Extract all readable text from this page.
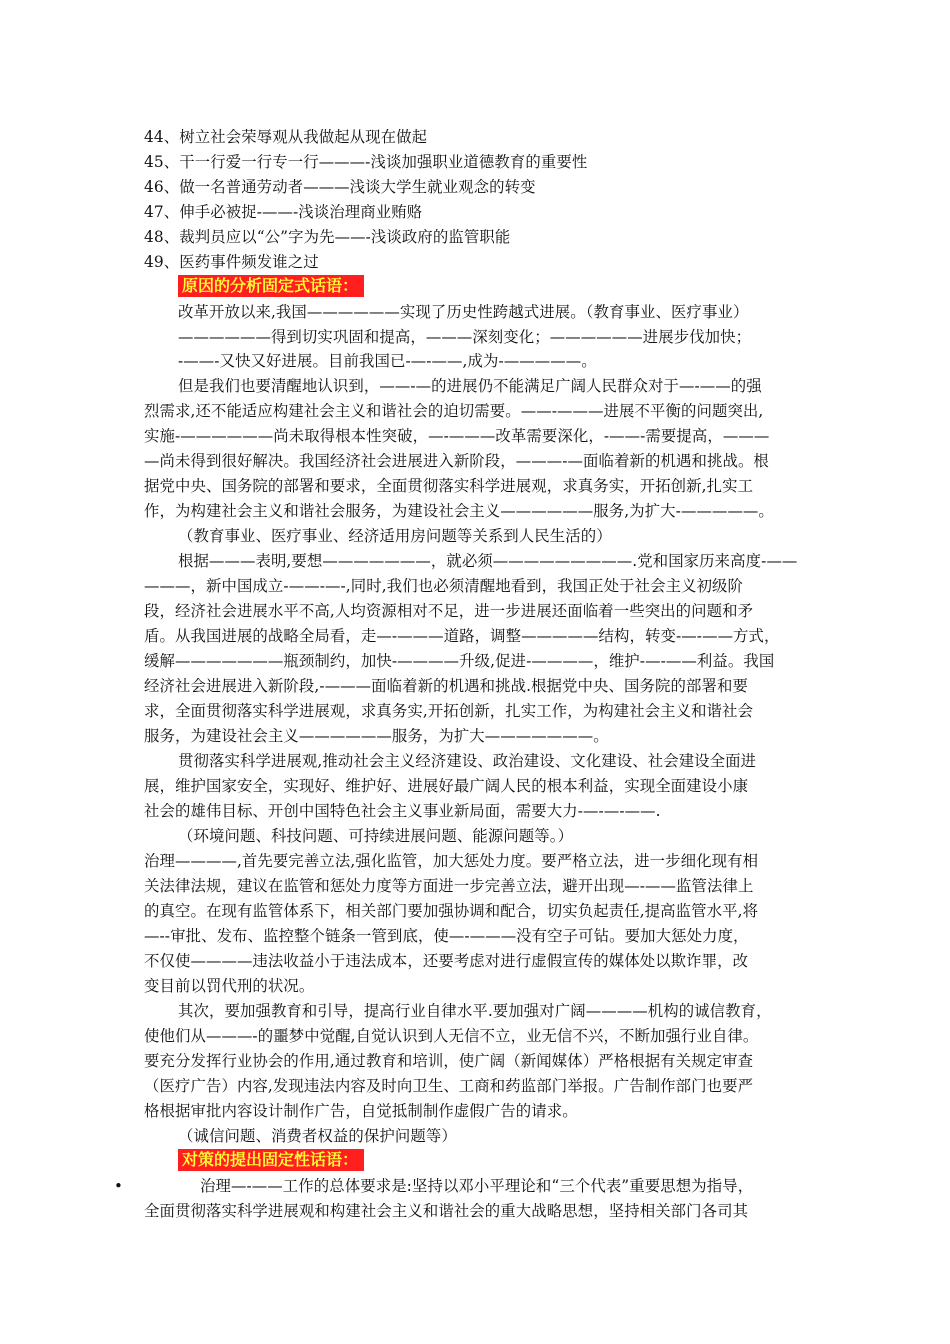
44、树立社会荣辱观从我做起从现在做起
45、干一行爱一行专一行———-浅谈加强职业道德教育的重要性
46、做一名普通劳动者———浅谈大学生就业观念的转变
47、伸手必被捉-——-浅谈治理商业贿赂
48、裁判员应以“公”字为先——-浅谈政府的监管职能
49、医药事件频发谁之过
原因的分析固定式话语：
改革开放以来,我国——————实现了历史性跨越式进展。（教育事业、医疗事业）
——————得到切实巩固和提高，———深刻变化；——————进展步伐加快；
-——-又快又好进展。目前我国已-—-——,成为-—————。
但是我们也要清醒地认识到，——-—的进展仍不能满足广阔人民群众对于—-——的强
烈需求,还不能适应构建社会主义和谐社会的迫切需要。——-———进展不平衡的问题突出,
实施-——————尚未取得根本性突破，—-———改革需要深化，-——-需要提高，———
—尚未得到很好解决。我国经济社会进展进入新阶段，———-—面临着新的机遇和挑战。根
据党中央、国务院的部署和要求，全面贯彻落实科学进展观，求真务实，开拓创新,扎实工
作，为构建社会主义和谐社会服务，为建设社会主义——————服务,为扩大-—————。
（教育事业、医疗事业、经济适用房问题等关系到人民生活的）
根据———表明,要想———————，就必须—————————.党和国家历来高度-——
———，新中国成立-——-—-,同时,我们也必须清醒地看到，我国正处于社会主义初级阶
段，经济社会进展水平不高,人均资源相对不足，进一步进展还面临着一些突出的问题和矛
盾。从我国进展的战略全局看，走—-———道路，调整—————结构，转变-—-——方式，
缓解———————瓶颈制约，加快-————升级,促进-————，维护-—-——利益。我国
经济社会进展进入新阶段,-———面临着新的机遇和挑战.根据党中央、国务院的部署和要
求，全面贯彻落实科学进展观，求真务实,开拓创新，扎实工作，为构建社会主义和谐社会
服务，为建设社会主义——————服务，为扩大———————。
贯彻落实科学进展观,推动社会主义经济建设、政治建设、文化建设、社会建设全面进
展，维护国家安全，实现好、维护好、进展好最广阔人民的根本利益，实现全面建设小康
社会的雄伟目标、开创中国特色社会主义事业新局面，需要大力-—-—-——.
（环境问题、科技问题、可持续进展问题、能源问题等。）
治理————,首先要完善立法,强化监管，加大惩处力度。要严格立法，进一步细化现有相
关法律法规，建议在监管和惩处力度等方面进一步完善立法，避开出现—-——监管法律上
的真空。在现有监管体系下，相关部门要加强协调和配合，切实负起责任,提高监管水平,将
—--审批、发布、监控整个链条一管到底，使—-———没有空子可钻。要加大惩处力度，
不仅使————违法收益小于违法成本，还要考虑对进行虚假宣传的媒体处以欺诈罪，改
变目前以罚代刑的状况。
其次，要加强教育和引导，提高行业自律水平.要加强对广阔————机构的诚信教育，
使他们从———-的噩梦中觉醒,自觉认识到人无信不立，业无信不兴，不断加强行业自律。
要充分发挥行业协会的作用,通过教育和培训，使广阔（新闻媒体）严格根据有关规定审查
（医疗广告）内容,发现违法内容及时向卫生、工商和药监部门举报。广告制作部门也要严
格根据审批内容设计制作广告，自觉抵制制作虚假广告的请求。
（诚信问题、消费者权益的保护问题等）
对策的提出固定性话语：
•	治理—-——工作的总体要求是:坚持以邓小平理论和“三个代表”重要思想为指导，
全面贯彻落实科学进展观和构建社会主义和谐社会的重大战略思想，坚持相关部门各司其
